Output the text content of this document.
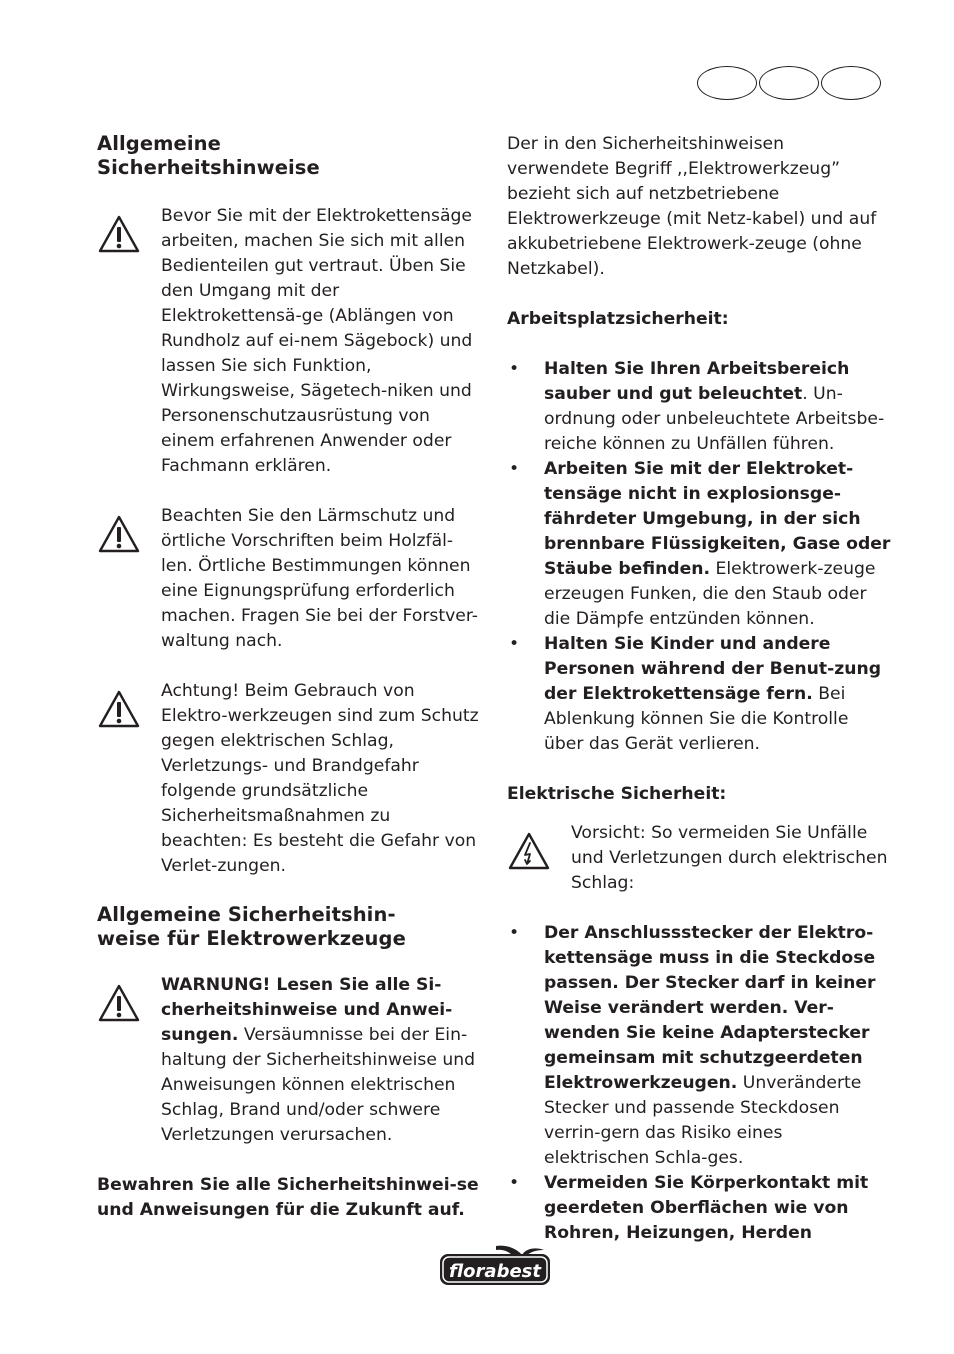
Allgemeine
Sicherheitshinweise

Bevor Sie mit der Elektrokettensäge arbeiten, machen Sie sich mit allen Bedienteilen gut vertraut. Üben Sie den Umgang mit der Elektrokettensä-ge (Ablängen von Rundholz auf ei-nem Sägebock) und lassen Sie sich Funktion, Wirkungsweise, Sägetech-niken und Personenschutzausrüstung von einem erfahrenen Anwender oder Fachmann erklären.

Beachten Sie den Lärmschutz und örtliche Vorschriften beim Holzfäl-len. Örtliche Bestimmungen können eine Eignungsprüfung erforderlich machen. Fragen Sie bei der Forstver-waltung nach.

Achtung! Beim Gebrauch von Elektro-werkzeugen sind zum Schutz gegen elektrischen Schlag, Verletzungs- und Brandgefahr folgende grundsätzliche Sicherheitsmaßnahmen zu beachten: Es besteht die Gefahr von Verlet-zungen.

Allgemeine Sicherheitshin-
weise für Elektrowerkzeuge

WARNUNG! Lesen Sie alle Si-cherheitshinweise und Anwei-sungen. Versäumnisse bei der Ein-haltung der Sicherheitshinweise und Anweisungen können elektrischen Schlag, Brand und/oder schwere Verletzungen verursachen.

Bewahren Sie alle Sicherheitshinwei-se und Anweisungen für die Zukunft auf.

Der in den Sicherheitshinweisen verwendete Begriff ,,Elektrowerkzeug” bezieht sich auf netzbetriebene Elektrowerkzeuge (mit Netz-kabel) und auf akkubetriebene Elektrowerk-zeuge (ohne Netzkabel).

Arbeitsplatzsicherheit:

•	Halten Sie Ihren Arbeitsbereich sauber und gut beleuchtet. Un-ordnung oder unbeleuchtete Arbeitsbe-reiche können zu Unfällen führen.

•	Arbeiten Sie mit der Elektroket-tensäge nicht in explosionsge-fährdeter Umgebung, in der sich brennbare Flüssigkeiten, Gase oder Stäube befinden. Elektrowerk-zeuge erzeugen Funken, die den Staub oder die Dämpfe entzünden können.

•	Halten Sie Kinder und andere Personen während der Benut-zung der Elektrokettensäge fern. Bei Ablenkung können Sie die Kontrolle über das Gerät verlieren.

Elektrische Sicherheit:

Vorsicht: So vermeiden Sie Unfälle und Verletzungen durch elektrischen Schlag:

•	Der Anschlussstecker der Elektro-kettensäge muss in die Steckdose passen. Der Stecker darf in keiner Weise verändert werden. Ver-wenden Sie keine Adapterstecker gemeinsam mit schutzgeerdeten Elektrowerkzeugen. Unveränderte Stecker und passende Steckdosen verrin-gern das Risiko eines elektrischen Schla-ges.

•	Vermeiden Sie Körperkontakt mit geerdeten Oberflächen wie von Rohren, Heizungen, Herden

florabest
